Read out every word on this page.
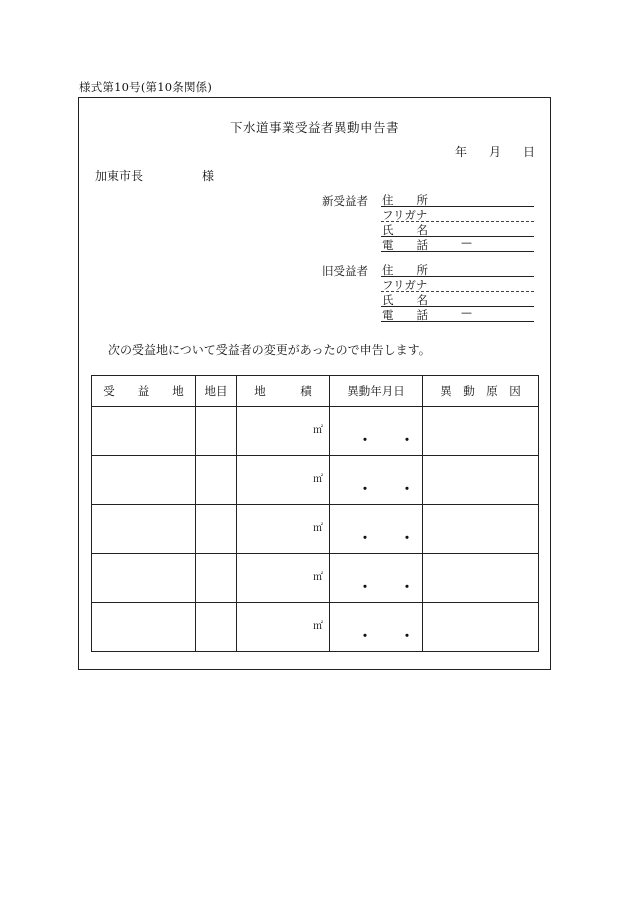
様式第10号(第10条関係)
下水道事業受益者異動申告書
年 月 日
加東市長	様
新受益者 住　　所
フリガナ
氏　　名
電　　話	—
旧受益者 住　　所
フリガナ
氏　　名
電　　話	—
次の受益地について受益者の変更があったので申告します。
受　　益　　地	地目	地　　　積	異動年月日	異　動　原　因

		㎡	・・	

		㎡	・・	

		㎡	・・	

		㎡	・・	

		㎡	・・	
